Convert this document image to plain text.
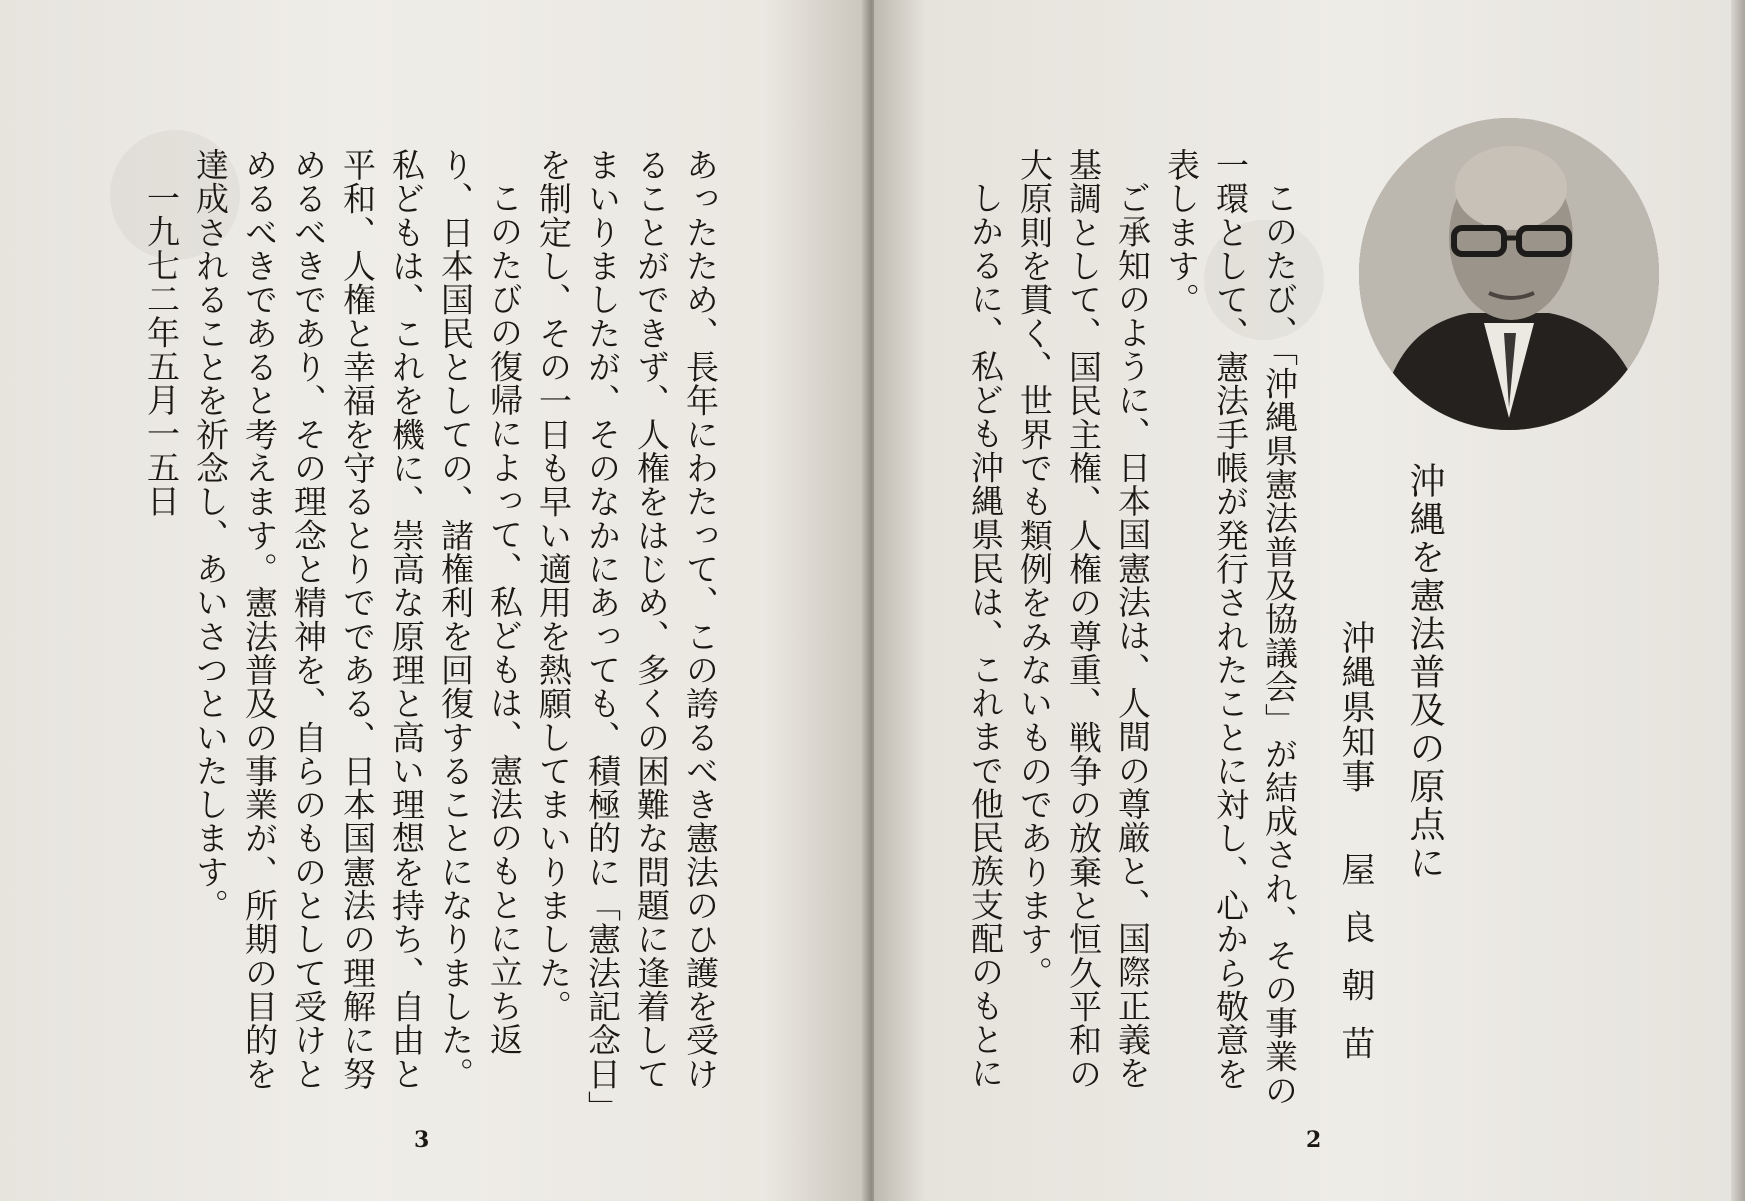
あったため、長年にわたって、この誇るべき憲法のひ護を受けることができず、人権をはじめ、多くの困難な問題に逢着してまいりましたが、そのなかにあっても、積極的に「憲法記念日」を制定し、その一日も早い適用を熱願してまいりました。

このたびの復帰によって、私どもは、憲法のもとに立ち返り、日本国民としての、諸権利を回復することになりました。私どもは、これを機に、崇高な原理と高い理想を持ち、自由と平和、人権と幸福を守るとりでである、日本国憲法の理解に努めるべきであり、その理念と精神を、自らのものとして受けとめるべきであると考えます。憲法普及の事業が、所期の目的を達成されることを祈念し、あいさつといたします。

一九七二年五月一五日

3

このたび、「沖縄県憲法普及協議会」が結成され、その事業の一環として、憲法手帳が発行されたことに対し、心から敬意を表します。

ご承知のように、日本国憲法は、人間の尊厳と、国際正義を基調として、国民主権、人権の尊重、戦争の放棄と恒久平和の大原則を貫く、世界でも類例をみないものであります。

しかるに、私ども沖縄県民は、これまで他民族支配のもとに	沖縄を憲法普及の原点に
沖縄県知事
屋良朝苗
2
